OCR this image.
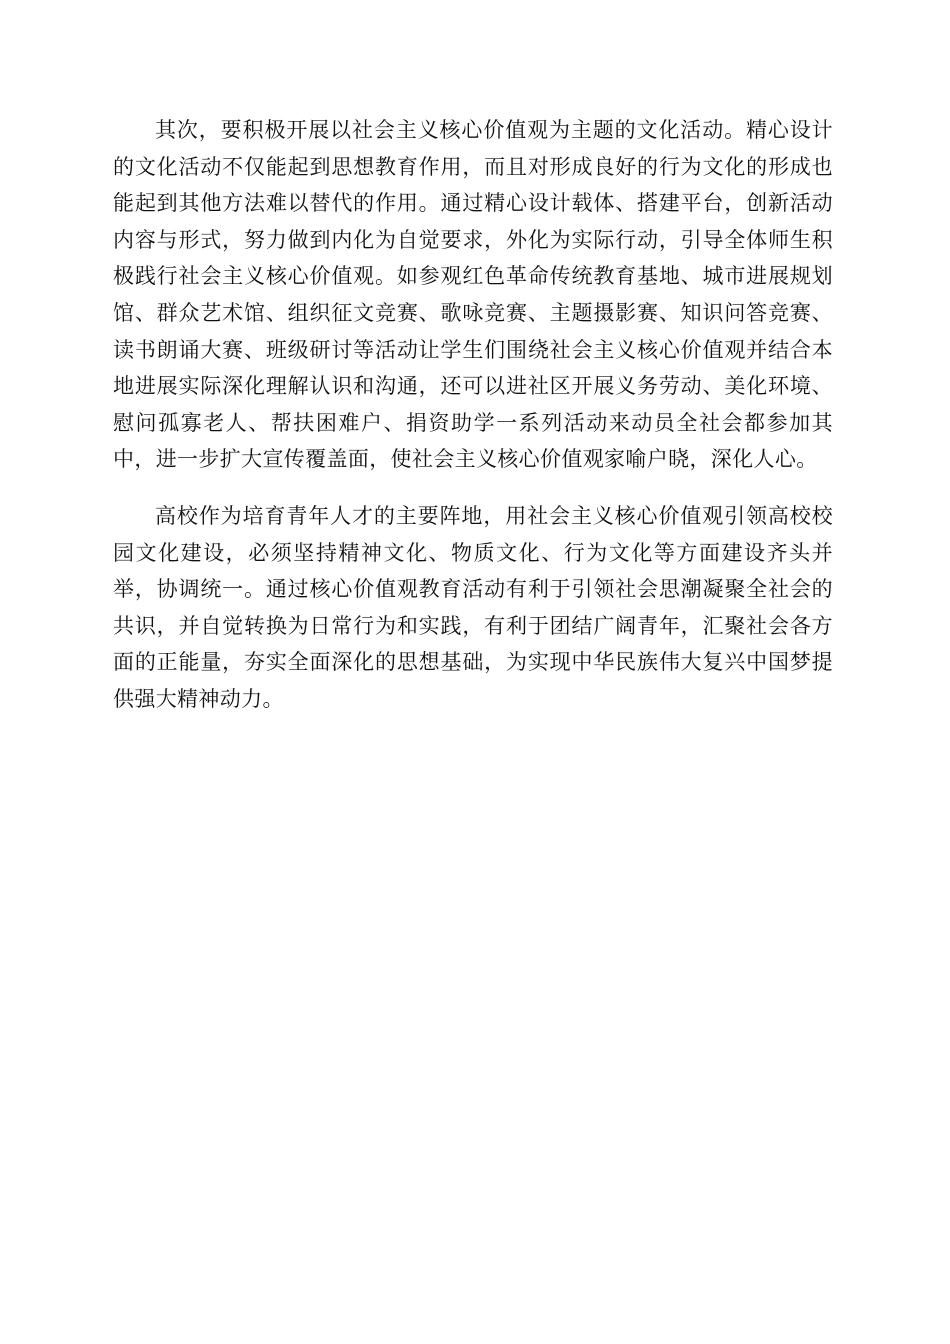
其次，要积极开展以社会主义核心价值观为主题的文化活动。精心设计的文化活动不仅能起到思想教育作用，而且对形成良好的行为文化的形成也能起到其他方法难以替代的作用。通过精心设计载体、搭建平台，创新活动内容与形式，努力做到内化为自觉要求，外化为实际行动，引导全体师生积极践行社会主义核心价值观。如参观红色革命传统教育基地、城市进展规划馆、群众艺术馆、组织征文竞赛、歌咏竞赛、主题摄影赛、知识问答竞赛、读书朗诵大赛、班级研讨等活动让学生们围绕社会主义核心价值观并结合本地进展实际深化理解认识和沟通，还可以进社区开展义务劳动、美化环境、慰问孤寡老人、帮扶困难户、捐资助学一系列活动来动员全社会都参加其中，进一步扩大宣传覆盖面，使社会主义核心价值观家喻户晓，深化人心。

高校作为培育青年人才的主要阵地，用社会主义核心价值观引领高校校园文化建设，必须坚持精神文化、物质文化、行为文化等方面建设齐头并举，协调统一。通过核心价值观教育活动有利于引领社会思潮凝聚全社会的共识，并自觉转换为日常行为和实践，有利于团结广阔青年，汇聚社会各方面的正能量，夯实全面深化的思想基础，为实现中华民族伟大复兴中国梦提供强大精神动力。
